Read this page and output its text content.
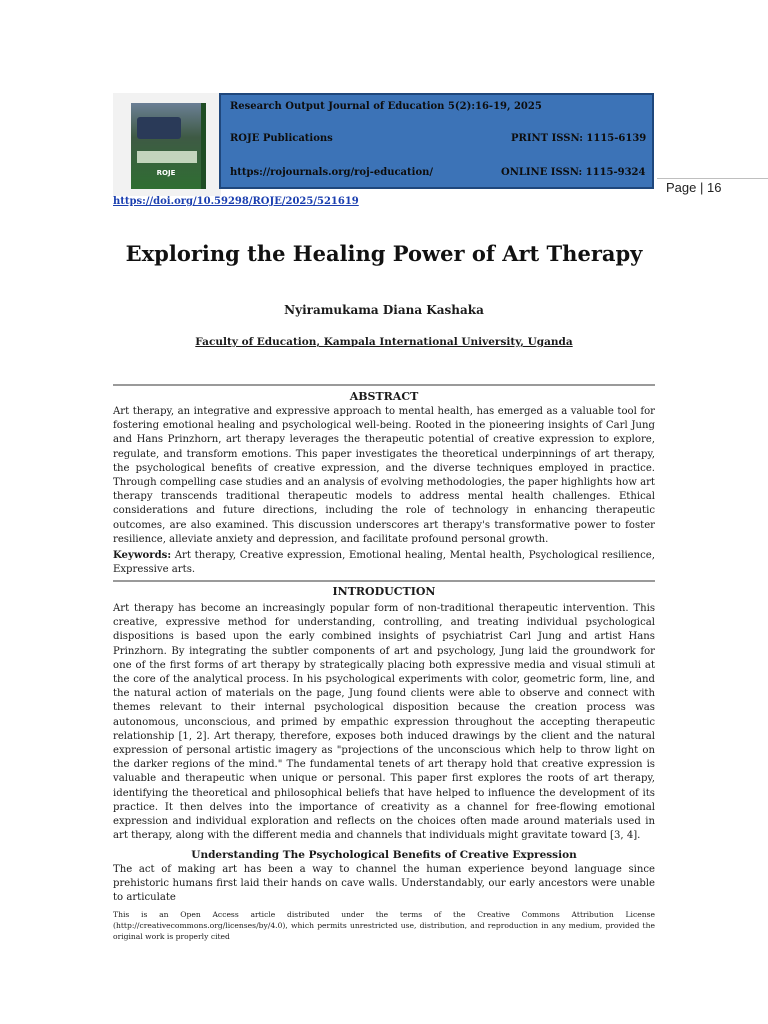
ROJE
Research Output Journal of Education 5(2):16-19, 2025
ROJE Publications	PRINT ISSN: 1115-6139
https://rojournals.org/roj-education/	ONLINE ISSN: 1115-9324
Page | 16
https://doi.org/10.59298/ROJE/2025/521619
Exploring the Healing Power of Art Therapy
Nyiramukama Diana Kashaka
Faculty of Education, Kampala International University, Uganda
ABSTRACT

Art therapy, an integrative and expressive approach to mental health, has emerged as a valuable tool for fostering emotional healing and psychological well-being. Rooted in the pioneering insights of Carl Jung and Hans Prinzhorn, art therapy leverages the therapeutic potential of creative expression to explore, regulate, and transform emotions. This paper investigates the theoretical underpinnings of art therapy, the psychological benefits of creative expression, and the diverse techniques employed in practice. Through compelling case studies and an analysis of evolving methodologies, the paper highlights how art therapy transcends traditional therapeutic models to address mental health challenges. Ethical considerations and future directions, including the role of technology in enhancing therapeutic outcomes, are also examined. This discussion underscores art therapy's transformative power to foster resilience, alleviate anxiety and depression, and facilitate profound personal growth.

Keywords: Art therapy, Creative expression, Emotional healing, Mental health, Psychological resilience, Expressive arts.

INTRODUCTION

Art therapy has become an increasingly popular form of non-traditional therapeutic intervention. This creative, expressive method for understanding, controlling, and treating individual psychological dispositions is based upon the early combined insights of psychiatrist Carl Jung and artist Hans Prinzhorn. By integrating the subtler components of art and psychology, Jung laid the groundwork for one of the first forms of art therapy by strategically placing both expressive media and visual stimuli at the core of the analytical process. In his psychological experiments with color, geometric form, line, and the natural action of materials on the page, Jung found clients were able to observe and connect with themes relevant to their internal psychological disposition because the creation process was autonomous, unconscious, and primed by empathic expression throughout the accepting therapeutic relationship [1, 2]. Art therapy, therefore, exposes both induced drawings by the client and the natural expression of personal artistic imagery as "projections of the unconscious which help to throw light on the darker regions of the mind." The fundamental tenets of art therapy hold that creative expression is valuable and therapeutic when unique or personal. This paper first explores the roots of art therapy, identifying the theoretical and philosophical beliefs that have helped to influence the development of its practice. It then delves into the importance of creativity as a channel for free-flowing emotional expression and individual exploration and reflects on the choices often made around materials used in art therapy, along with the different media and channels that individuals might gravitate toward [3, 4].

Understanding The Psychological Benefits of Creative Expression

The act of making art has been a way to channel the human experience beyond language since prehistoric humans first laid their hands on cave walls. Understandably, our early ancestors were unable to articulate

This is an Open Access article distributed under the terms of the Creative Commons Attribution License (http://creativecommons.org/licenses/by/4.0), which permits unrestricted use, distribution, and reproduction in any medium, provided the original work is properly cited
